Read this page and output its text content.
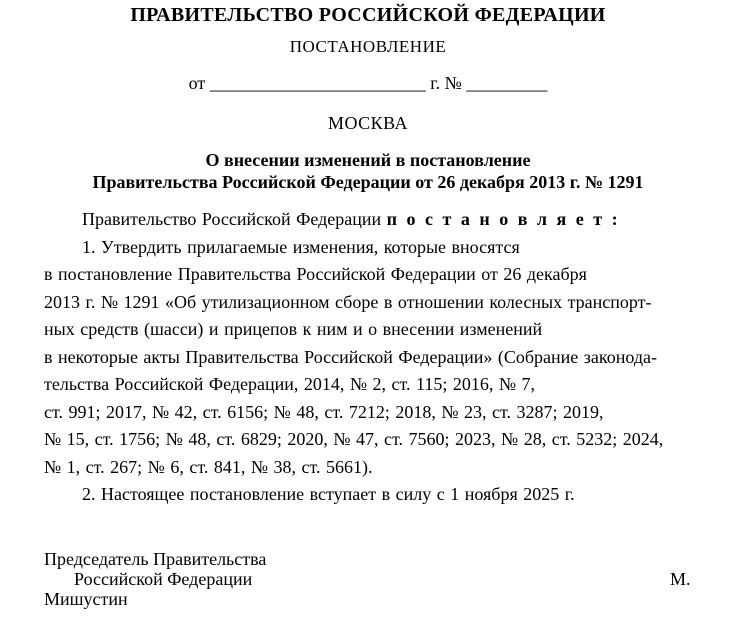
ПРАВИТЕЛЬСТВО РОССИЙСКОЙ ФЕДЕРАЦИИ
ПОСТАНОВЛЕНИЕ
от ________________________ г. № _________
МОСКВА
О внесении изменений в постановление
Правительства Российской Федерации от 26 декабря 2013 г. № 1291
Правительство Российской Федерации п о с т а н о в л я е т :
1. Утвердить прилагаемые изменения, которые вносятся
в постановление Правительства Российской Федерации от 26 декабря
2013 г. № 1291 «Об утилизационном сборе в отношении колесных транспорт-
ных средств (шасси) и прицепов к ним и о внесении изменений
в некоторые акты Правительства Российской Федерации» (Собрание законода-
тельства Российской Федерации, 2014, № 2, ст. 115; 2016, № 7,
ст. 991; 2017, № 42, ст. 6156; № 48, ст. 7212; 2018, № 23, ст. 3287; 2019,
№ 15, ст. 1756; № 48, ст. 6829; 2020, № 47, ст. 7560; 2023, № 28, ст. 5232; 2024,
№ 1, ст. 267; № 6, ст. 841, № 38, ст. 5661).
2. Настоящее постановление вступает в силу с 1 ноября 2025 г.
Председатель Правительства
Российской Федерации	М.
Мишустин
